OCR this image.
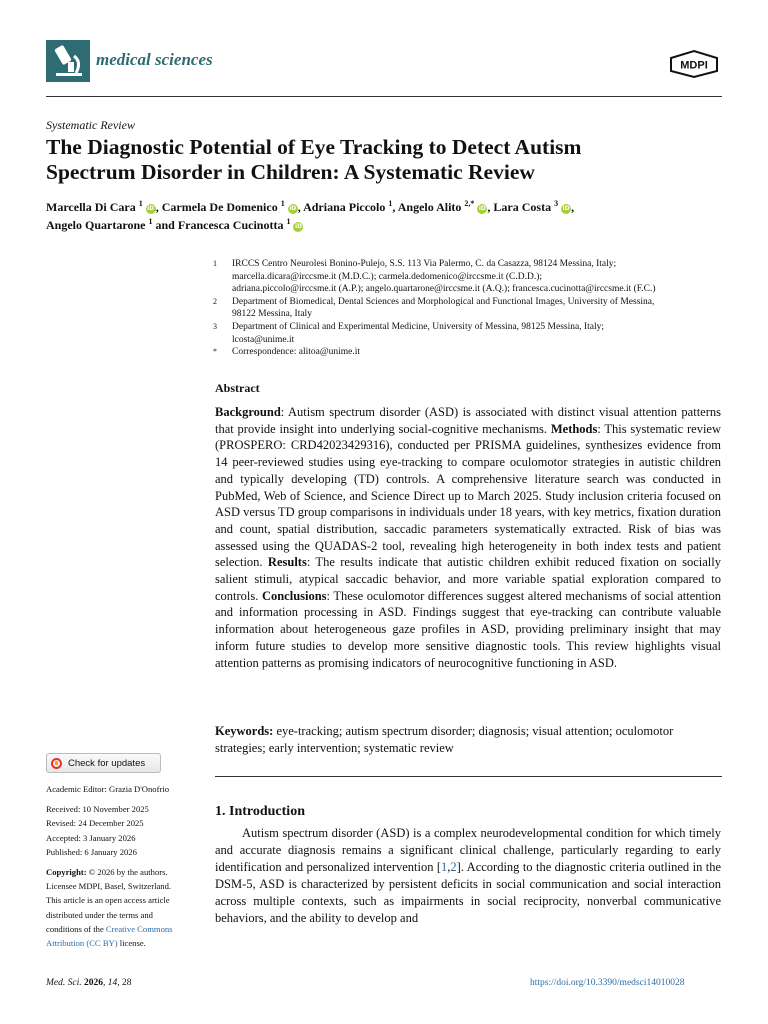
medical sciences	MDPI
Systematic Review
The Diagnostic Potential of Eye Tracking to Detect Autism
Spectrum Disorder in Children: A Systematic Review
Marcella Di Cara $^1$ iD, Carmela De Domenico $^1$ iD, Adriana Piccolo $^1$, Angelo Alito $^{2,*}$ iD, Lara Costa $^3$ iD,
Angelo Quartarone $^1$ and Francesca Cucinotta $^1$ iD
1	IRCCS Centro Neurolesi Bonino-Pulejo, S.S. 113 Via Palermo, C. da Casazza, 98124 Messina, Italy;
marcella.dicara@irccsme.it (M.D.C.); carmela.dedomenico@irccsme.it (C.D.D.);
adriana.piccolo@irccsme.it (A.P.); angelo.quartarone@irccsme.it (A.Q.); francesca.cucinotta@irccsme.it (F.C.)
2	Department of Biomedical, Dental Sciences and Morphological and Functional Images, University of Messina,
98122 Messina, Italy
3	Department of Clinical and Experimental Medicine, University of Messina, 98125 Messina, Italy;
lcosta@unime.it
*	Correspondence: alitoa@unime.it
Abstract
Background: Autism spectrum disorder (ASD) is associated with distinct visual attention patterns that provide insight into underlying social-cognitive mechanisms. Methods: This systematic review (PROSPERO: CRD42023429316), conducted per PRISMA guidelines, synthesizes evidence from 14 peer-reviewed studies using eye-tracking to compare oculomotor strategies in autistic children and typically developing (TD) controls. A comprehensive literature search was conducted in PubMed, Web of Science, and Science Direct up to March 2025. Study inclusion criteria focused on ASD versus TD group comparisons in individuals under 18 years, with key metrics, fixation duration and count, spatial distribution, saccadic parameters systematically extracted. Risk of bias was assessed using the QUADAS-2 tool, revealing high heterogeneity in both index tests and patient selection. Results: The results indicate that autistic children exhibit reduced fixation on socially salient stimuli, atypical saccadic behavior, and more variable spatial exploration compared to controls. Conclusions: These oculomotor differences suggest altered mechanisms of social attention and information processing in ASD. Findings suggest that eye-tracking can contribute valuable information about heterogeneous gaze profiles in ASD, providing preliminary insight that may inform future studies to develop more sensitive diagnostic tools. This review highlights visual attention patterns as promising indicators of neurocognitive functioning in ASD.
Keywords: eye-tracking; autism spectrum disorder; diagnosis; visual attention; oculomotor strategies; early intervention; systematic review
Check for updates
Academic Editor: Grazia D'Onofrio
Received: 10 November 2025
Revised: 24 December 2025
Accepted: 3 January 2026
Published: 6 January 2026
Copyright: © 2026 by the authors.
Licensee MDPI, Basel, Switzerland.
This article is an open access article
distributed under the terms and
conditions of the Creative Commons
Attribution (CC BY) license.
1. Introduction
Autism spectrum disorder (ASD) is a complex neurodevelopmental condition for which timely and accurate diagnosis remains a significant clinical challenge, particularly regarding to early identification and personalized intervention [1,2]. According to the diagnostic criteria outlined in the DSM-5, ASD is characterized by persistent deficits in social communication and social interaction across multiple contexts, such as impairments in social reciprocity, nonverbal communicative behaviors, and the ability to develop and
Med. Sci. 2026, 14, 28	https://doi.org/10.3390/medsci14010028
